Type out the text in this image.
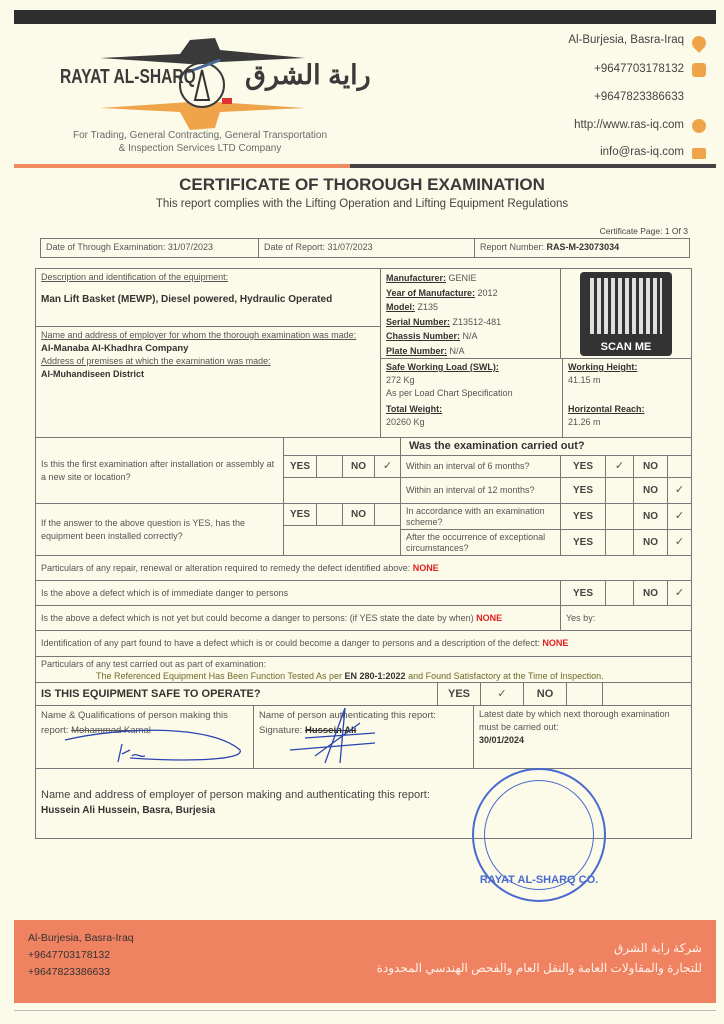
RAYAT AL-SHARQ راية الشرق
For Trading, General Contracting, General Transportation
& Inspection Services LTD Company
Al-Burjesia, Basra-Iraq
+9647703178132
+9647823386633
http://www.ras-iq.com
info@ras-iq.com
CERTIFICATE OF THOROUGH EXAMINATION
This report complies with the Lifting Operation and Lifting Equipment Regulations
Certificate Page: 1 Of 3
Date of Through Examination: 31/07/2023	Date of Report: 31/07/2023	Report Number: RAS-M-23073034
Description and identification of the equipment:
Man Lift Basket (MEWP), Diesel powered, Hydraulic Operated
Name and address of employer for whom the thorough examination was made:
Al-Manaba Al-Khadhra Company
Address of premises at which the examination was made:
Al-Muhandiseen District
Manufacturer: GENIE
Year of Manufacture: 2012
Model: Z135
Serial Number: Z13512-481
Chassis Number: N/A
Plate Number: N/A	SCAN ME
Safe Working Load (SWL):
272 Kg
As per Load Chart Specification
Total Weight:
20260 Kg
Working Height:
41.15 m
Horizontal Reach:
21.26 m
Is this the first examination after installation or assembly at a new site or location?
YES	NO	✓
If the answer to the above question is YES, has the equipment been installed correctly?
YES	NO
Was the examination carried out?
Within an interval of 6 months?	YES	✓	NO
Within an interval of 12 months?	YES	NO	✓
In accordance with an examination scheme?	YES	NO	✓
After the occurrence of exceptional circumstances?	YES	NO	✓
Particulars of any repair, renewal or alteration required to remedy the defect identified above:
NONE
Is the above a defect which is of immediate danger to persons	YES	NO	✓
Is the above a defect which is not yet but could become a danger to persons: (if YES state the date by when)
NONE	Yes by:
Identification of any part found to have a defect which is or could become a danger to persons and a description of the defect:
NONE
Particulars of any test carried out as part of examination:
The Referenced Equipment Has Been Function Tested As per EN 280-1:2022 and Found Satisfactory at the Time of Inspection.
IS THIS EQUIPMENT SAFE TO OPERATE?	YES	✓	NO
Name & Qualifications of person making this report: Mohammad Kamal
Name of person authenticating this report:
Signature: Hussein Ali
Latest date by which next thorough examination must be carried out:
30/01/2024
Name and address of employer of person making and authenticating this report:
Hussein Ali Hussein, Basra, Burjesia
RAYAT AL-SHARQ CO.
Al-Burjesia, Basra-Iraq
+9647703178132
+9647823386633
شركة راية الشرق
للتجارة والمقاولات العامة والنقل العام والفحص الهندسي المحدودة
